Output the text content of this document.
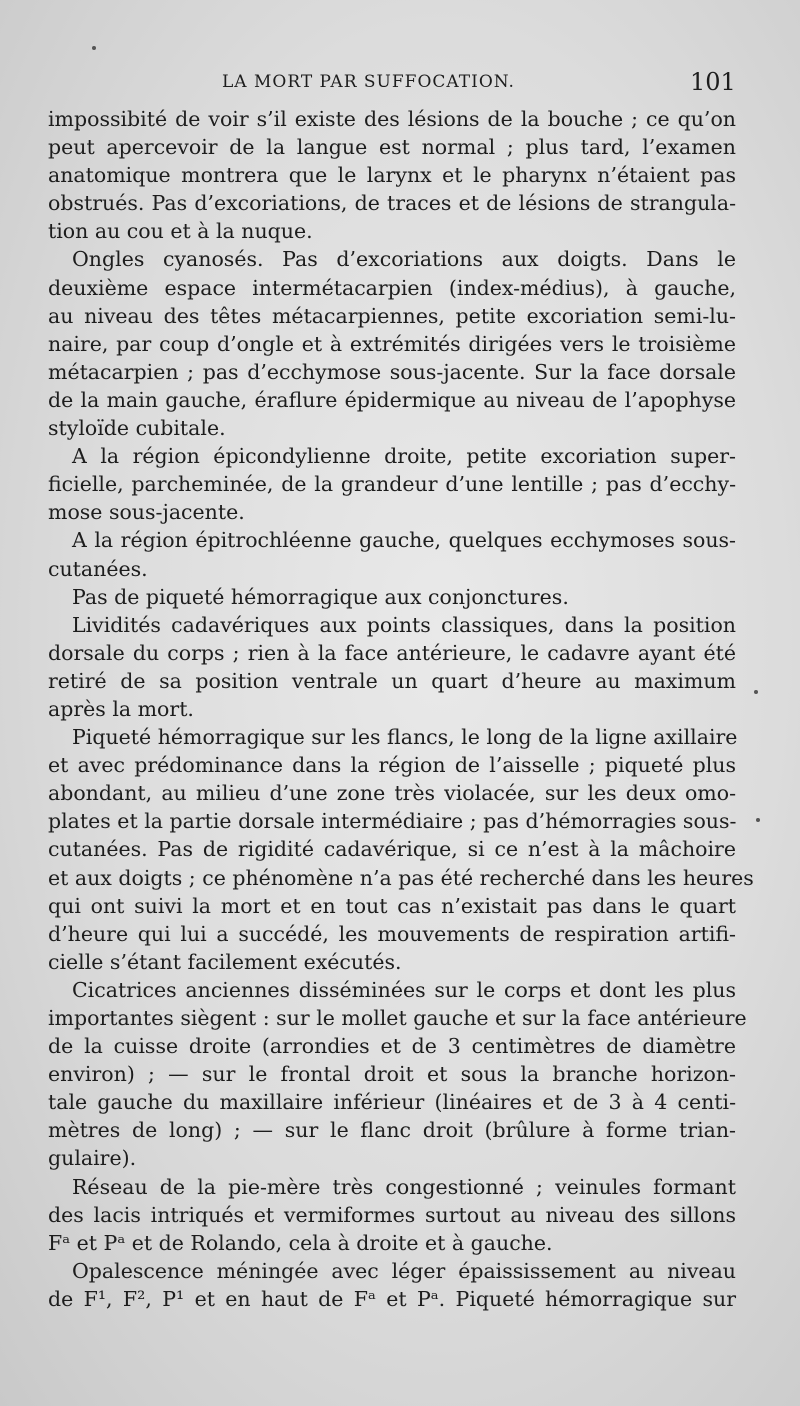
LA MORT PAR SUFFOCATION.	101
impossibité de voir s’il existe des lésions de la bouche ; ce qu’on
peut apercevoir de la langue est normal ; plus tard, l’examen
anatomique montrera que le larynx et le pharynx n’étaient pas
obstrués. Pas d’excoriations, de traces et de lésions de strangula-
tion au cou et à la nuque.
Ongles cyanosés. Pas d’excoriations aux doigts. Dans le
deuxième espace intermétacarpien (index-médius), à gauche,
au niveau des têtes métacarpiennes, petite excoriation semi-lu-
naire, par coup d’ongle et à extrémités dirigées vers le troisième
métacarpien ; pas d’ecchymose sous-jacente. Sur la face dorsale
de la main gauche, éraflure épidermique au niveau de l’apophyse
styloïde cubitale.
A la région épicondylienne droite, petite excoriation super-
ficielle, parcheminée, de la grandeur d’une lentille ; pas d’ecchy-
mose sous-jacente.
A la région épitrochléenne gauche, quelques ecchymoses sous-
cutanées.
Pas de piqueté hémorragique aux conjonctures.
Lividités cadavériques aux points classiques, dans la position
dorsale du corps ; rien à la face antérieure, le cadavre ayant été
retiré de sa position ventrale un quart d’heure au maximum
après la mort.
Piqueté hémorragique sur les flancs, le long de la ligne axillaire
et avec prédominance dans la région de l’aisselle ; piqueté plus
abondant, au milieu d’une zone très violacée, sur les deux omo-
plates et la partie dorsale intermédiaire ; pas d’hémorragies sous-
cutanées. Pas de rigidité cadavérique, si ce n’est à la mâchoire
et aux doigts ; ce phénomène n’a pas été recherché dans les heures
qui ont suivi la mort et en tout cas n’existait pas dans le quart
d’heure qui lui a succédé, les mouvements de respiration artifi-
cielle s’étant facilement exécutés.
Cicatrices anciennes disséminées sur le corps et dont les plus
importantes siègent : sur le mollet gauche et sur la face antérieure
de la cuisse droite (arrondies et de 3 centimètres de diamètre
environ) ; — sur le frontal droit et sous la branche horizon-
tale gauche du maxillaire inférieur (linéaires et de 3 à 4 centi-
mètres de long) ; — sur le flanc droit (brûlure à forme trian-
gulaire).
Réseau de la pie-mère très congestionné ; veinules formant
des lacis intriqués et vermiformes surtout au niveau des sillons
Fᵃ et Pᵃ et de Rolando, cela à droite et à gauche.
Opalescence méningée avec léger épaississement au niveau
de F¹, F², P¹ et en haut de Fᵃ et Pᵃ. Piqueté hémorragique sur
